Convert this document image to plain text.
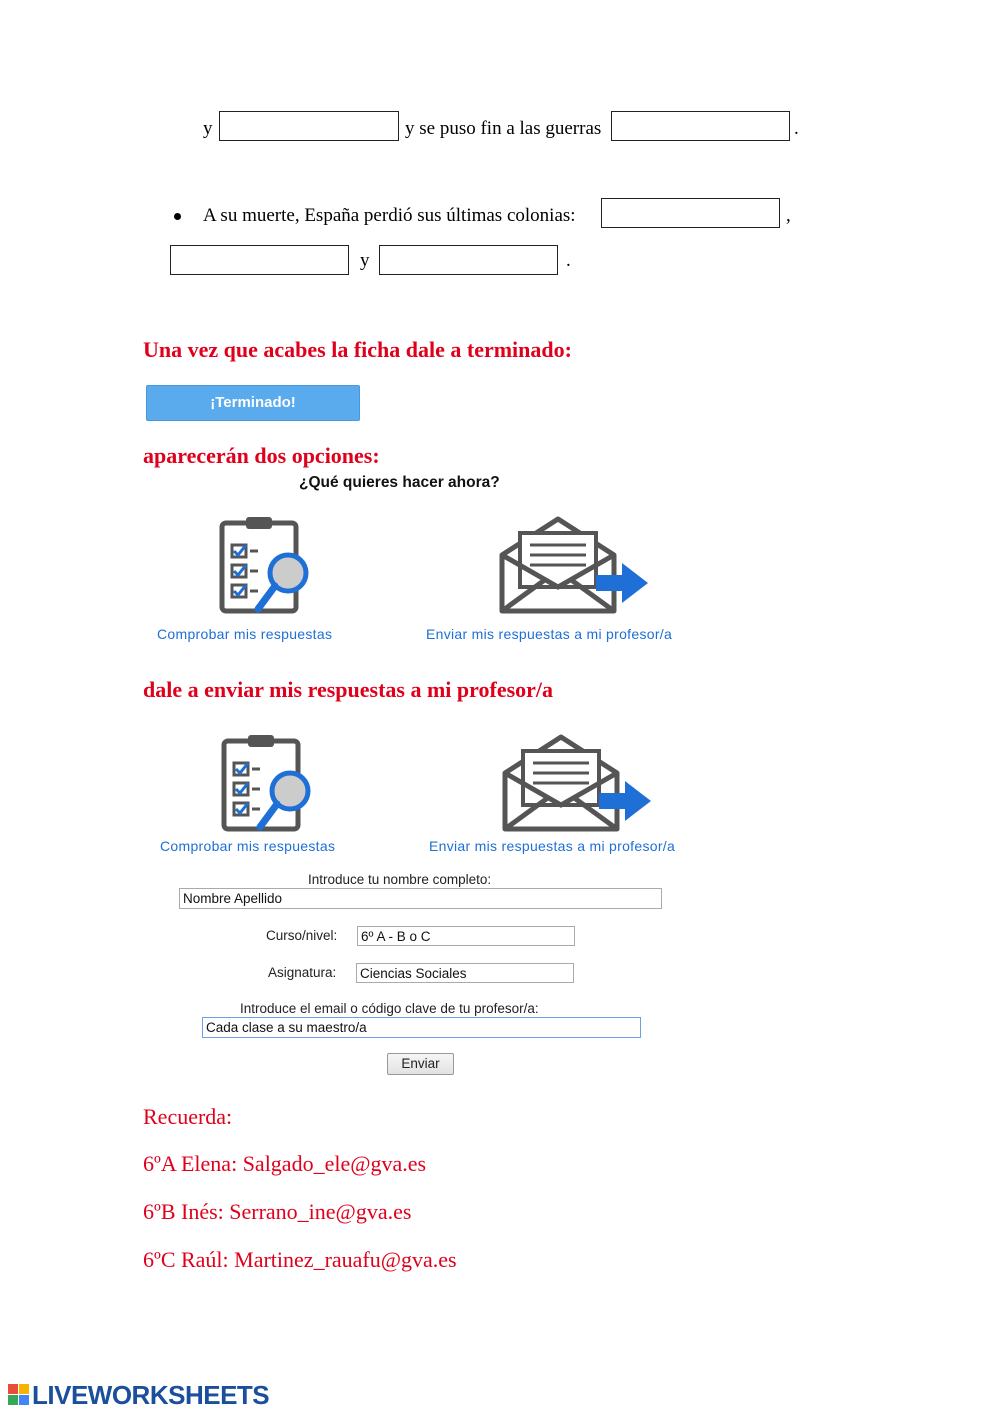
y	y se puso fin a las guerras	.
A su muerte, España perdió sus últimas colonias:	,
y	.
Una vez que acabes la ficha dale a terminado:
¡Terminado!
aparecerán dos opciones:
¿Qué quieres hacer ahora?
Comprobar mis respuestas	Enviar mis respuestas a mi profesor/a
dale a enviar mis respuestas a mi profesor/a
Comprobar mis respuestas	Enviar mis respuestas a mi profesor/a
Introduce tu nombre completo:
Nombre Apellido
Curso/nivel: 6º A - B o C
Asignatura: Ciencias Sociales
Introduce el email o código clave de tu profesor/a:
Cada clase a su maestro/a
Enviar
Recuerda:
6ºA Elena: Salgado_ele@gva.es
6ºB Inés: Serrano_ine@gva.es
6ºC Raúl: Martinez_rauafu@gva.es
LIVEWORKSHEETS
